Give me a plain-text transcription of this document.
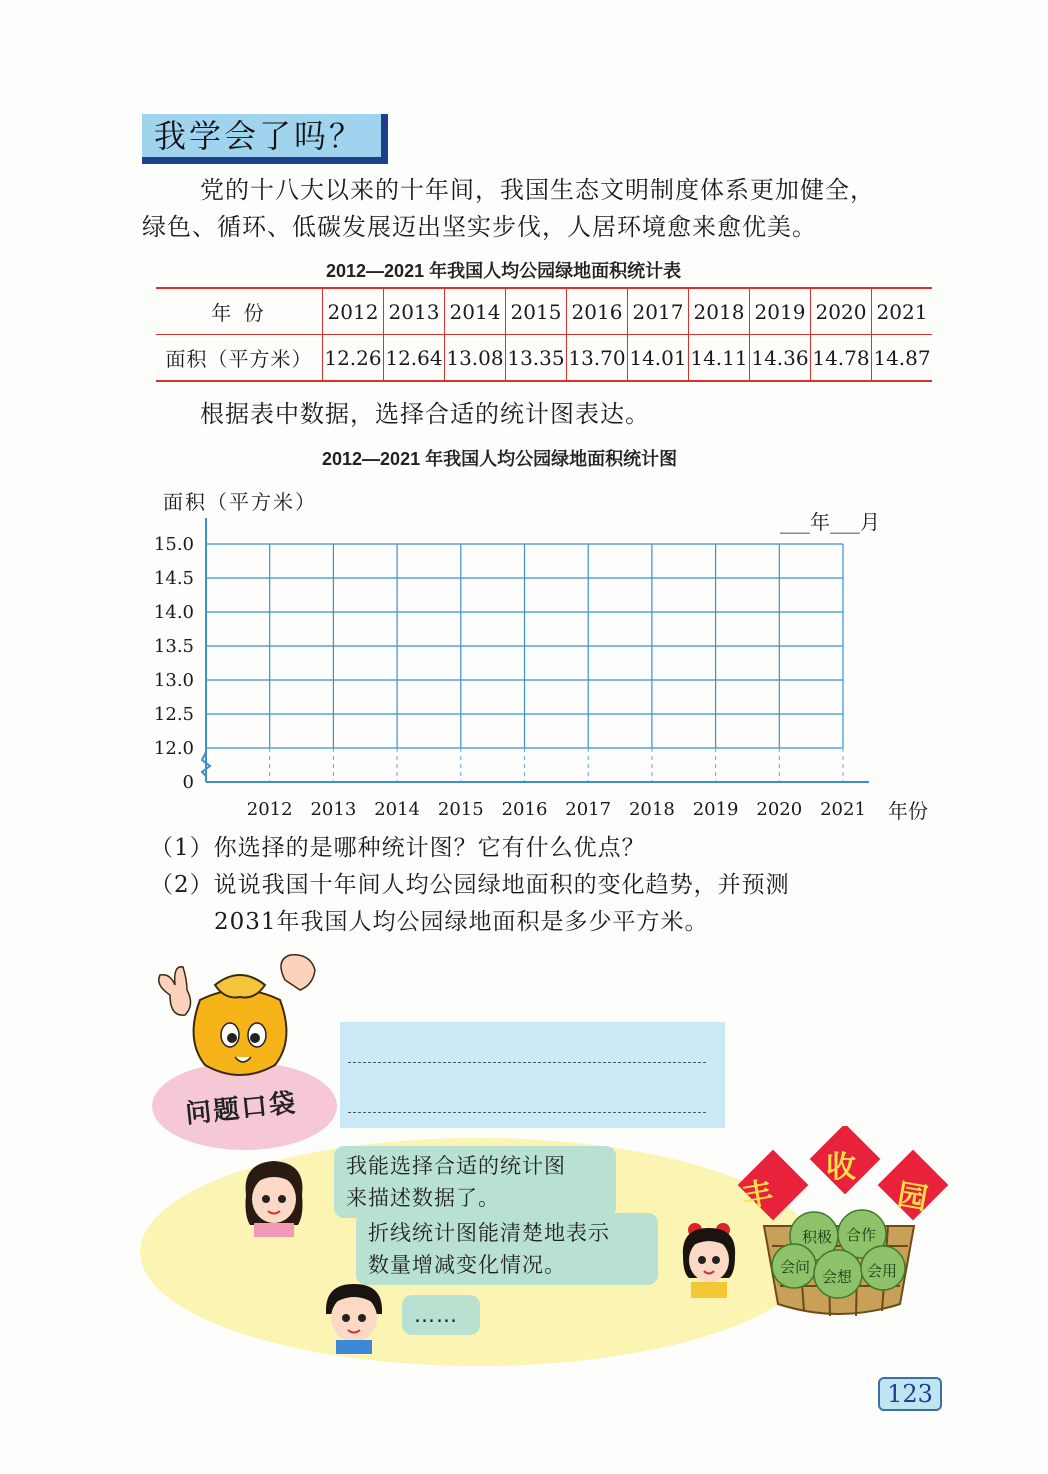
我学会了吗？
党的十八大以来的十年间，我国生态文明制度体系更加健全，
绿色、循环、低碳发展迈出坚实步伐，人居环境愈来愈优美。
2012—2021 年我国人均公园绿地面积统计表
年 份	2012	2013	2014	2015	2016	2017	2018	2019	2020	2021
面积（平方米）	12.26	12.64	13.08	13.35	13.70	14.01	14.11	14.36	14.78	14.87
根据表中数据，选择合适的统计图表达。
2012—2021 年我国人均公园绿地面积统计图
面积（平方米）
___年___月
年份
15.0
14.5
14.0
13.5
13.0
12.5
12.0
0
2012 2013 2014 2015 2016 2017 2018 2019 2020 2021
（1）你选择的是哪种统计图？它有什么优点？
（2）说说我国十年间人均公园绿地面积的变化趋势，并预测
2031年我国人均公园绿地面积是多少平方米。
问题口袋
我能选择合适的统计图
来描述数据了。
折线统计图能清楚地表示
数量增减变化情况。
……
丰
收
园
积极 合作
会问
会想 会用
123
